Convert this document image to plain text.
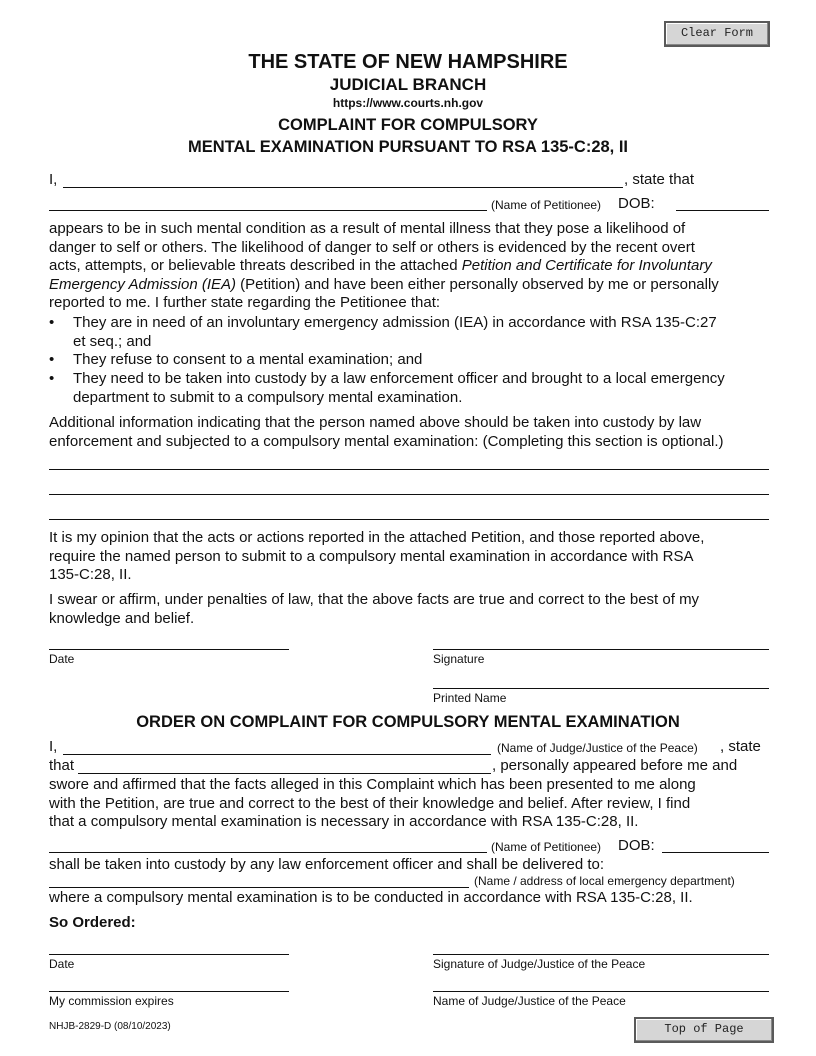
Clear Form
Top of Page
THE STATE OF NEW HAMPSHIRE
JUDICIAL BRANCH
https://www.courts.nh.gov
COMPLAINT FOR COMPULSORY
MENTAL EXAMINATION PURSUANT TO RSA 135-C:28, II
I,	, state that
(Name of Petitionee) DOB:
appears to be in such mental condition as a result of mental illness that they pose a likelihood of
danger to self or others. The likelihood of danger to self or others is evidenced by the recent overt
acts, attempts, or believable threats described in the attached Petition and Certificate for Involuntary
Emergency Admission (IEA) (Petition) and have been either personally observed by me or personally
reported to me. I further state regarding the Petitionee that:
• They are in need of an involuntary emergency admission (IEA) in accordance with RSA 135-C:27
et seq.; and
• They refuse to consent to a mental examination; and
• They need to be taken into custody by a law enforcement officer and brought to a local emergency
department to submit to a compulsory mental examination.
Additional information indicating that the person named above should be taken into custody by law
enforcement and subjected to a compulsory mental examination: (Completing this section is optional.)
It is my opinion that the acts or actions reported in the attached Petition, and those reported above,
require the named person to submit to a compulsory mental examination in accordance with RSA
135-C:28, II.
I swear or affirm, under penalties of law, that the above facts are true and correct to the best of my
knowledge and belief.
Date	Signature
Printed Name
ORDER ON COMPLAINT FOR COMPULSORY MENTAL EXAMINATION
I,	(Name of Judge/Justice of the Peace) , state
that	, personally appeared before me and
swore and affirmed that the facts alleged in this Complaint which has been presented to me along
with the Petition, are true and correct to the best of their knowledge and belief. After review, I find
that a compulsory mental examination is necessary in accordance with RSA 135-C:28, II.
(Name of Petitionee) DOB:
shall be taken into custody by any law enforcement officer and shall be delivered to:
(Name / address of local emergency department)
where a compulsory mental examination is to be conducted in accordance with RSA 135-C:28, II.
So Ordered:
Date	Signature of Judge/Justice of the Peace
My commission expires	Name of Judge/Justice of the Peace
NHJB-2829-D (08/10/2023)
